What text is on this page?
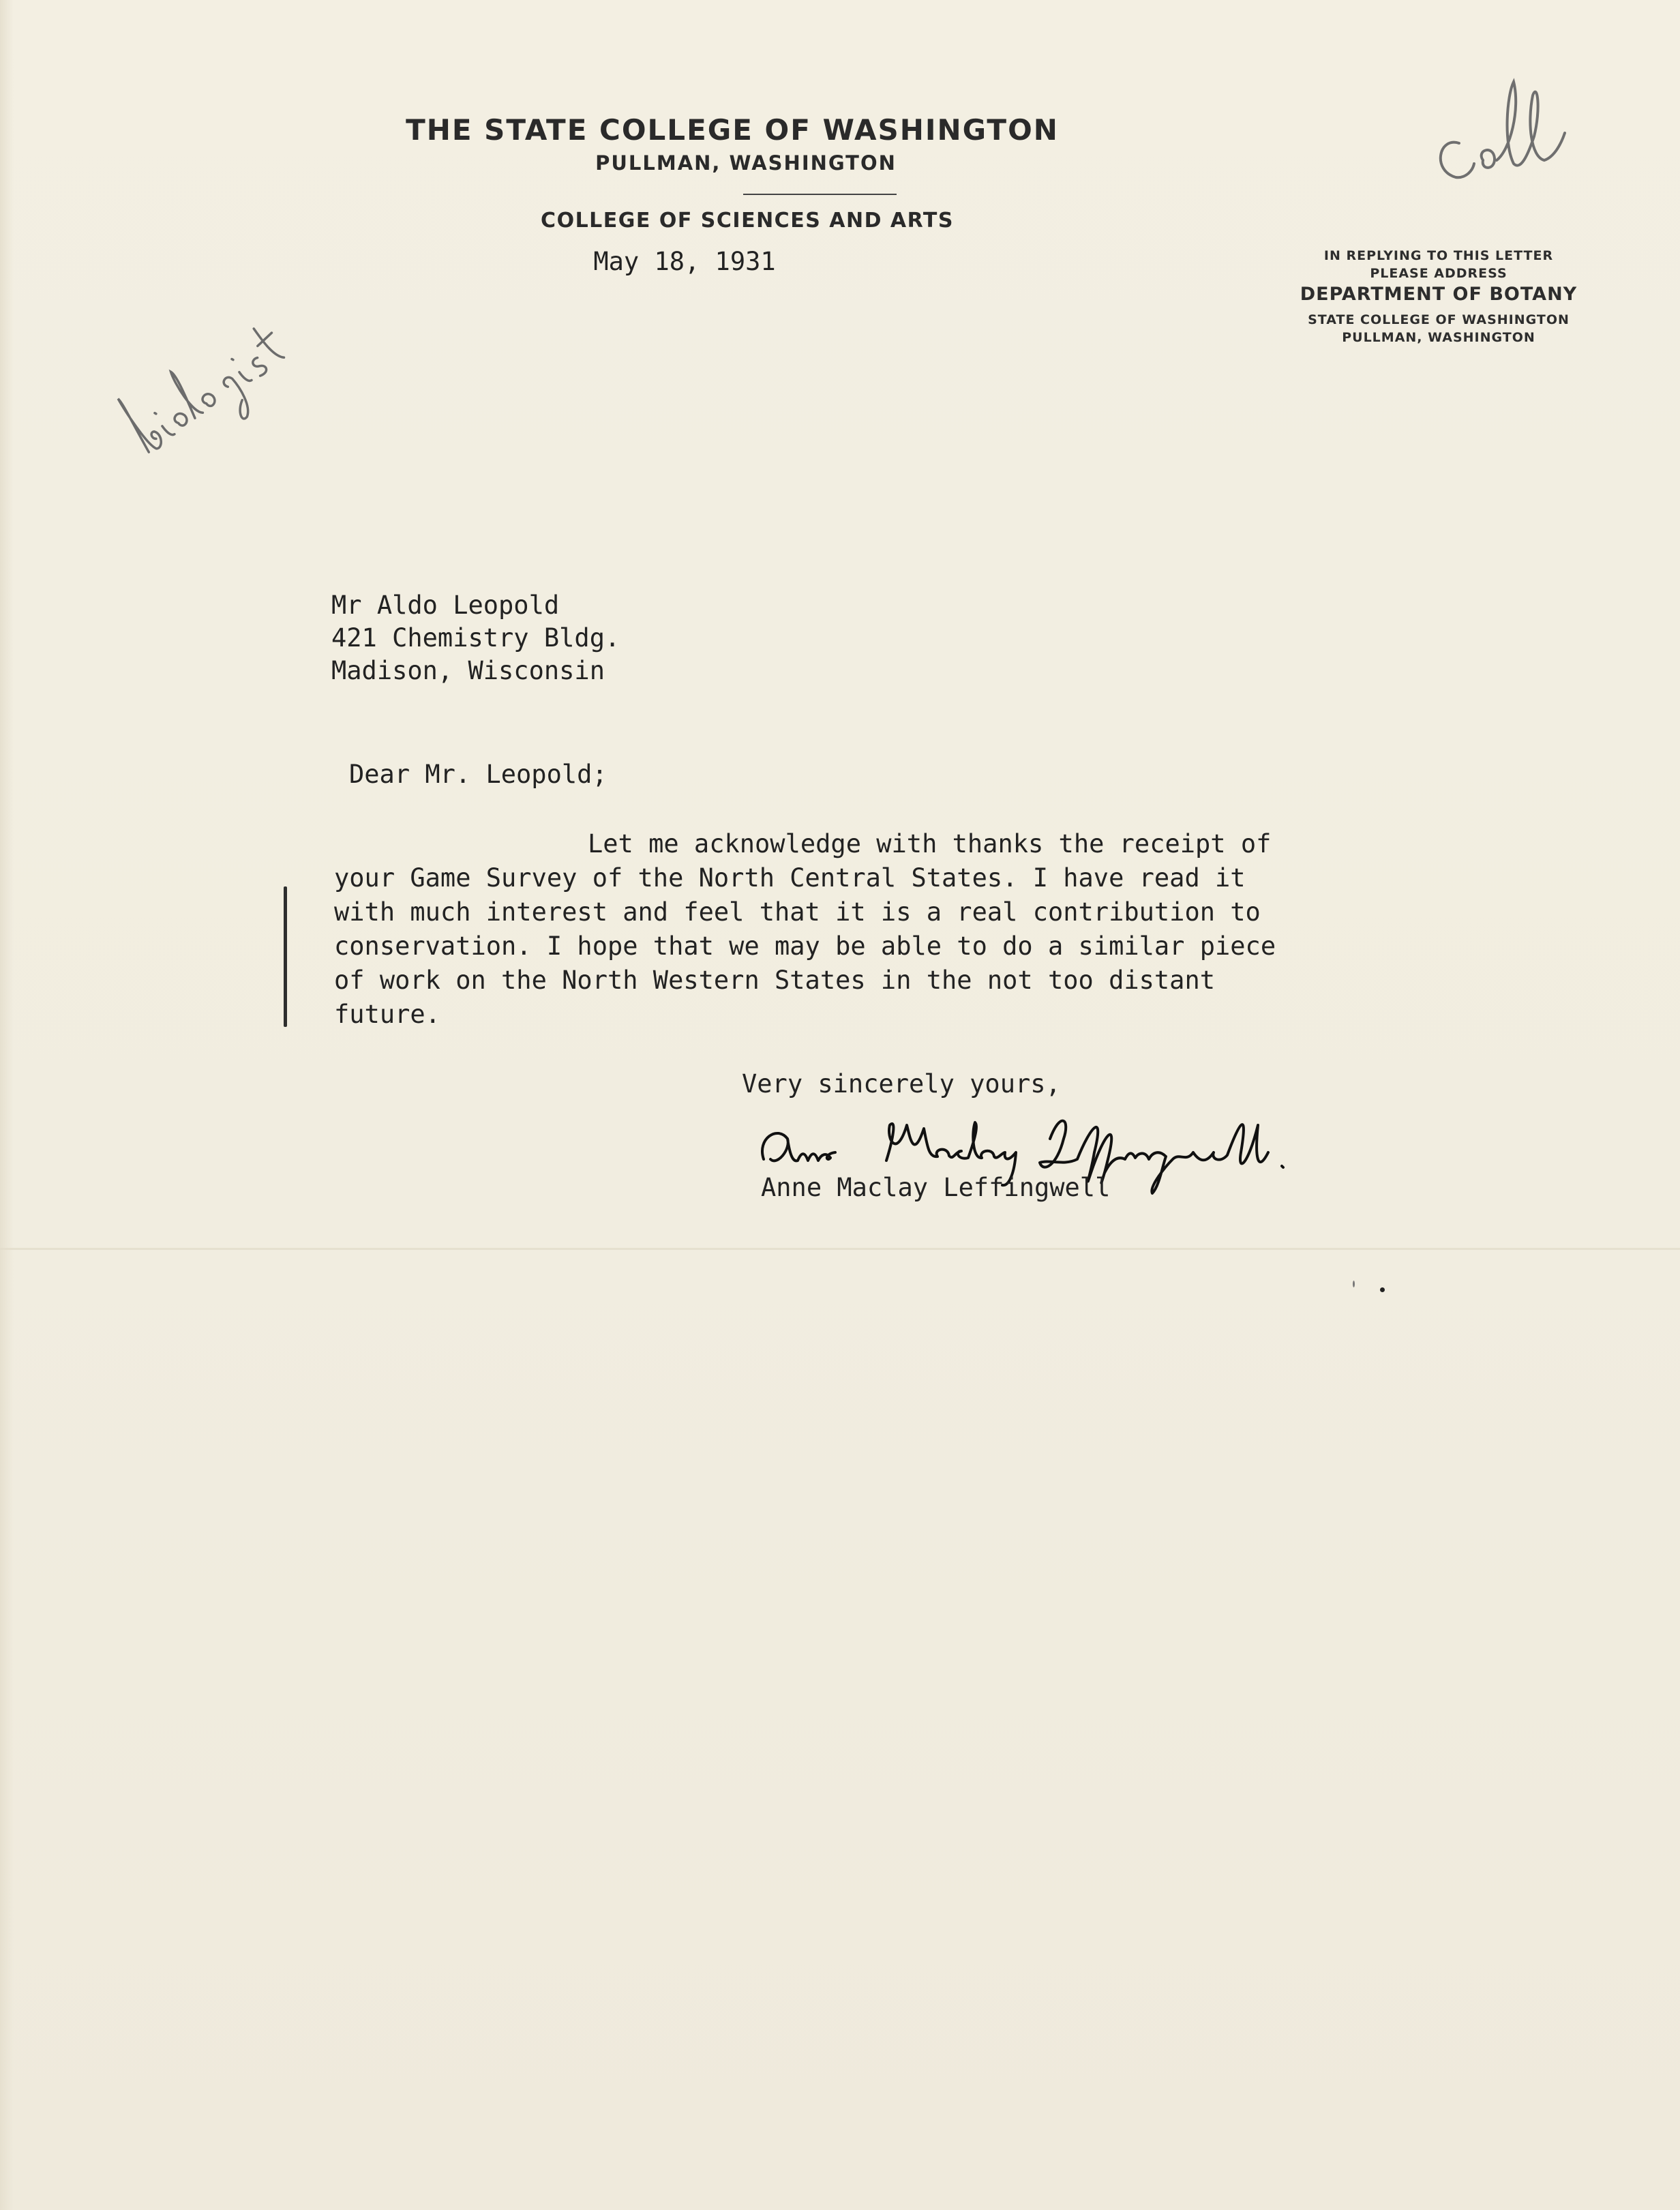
THE STATE COLLEGE OF WASHINGTON
PULLMAN, WASHINGTON
COLLEGE OF SCIENCES AND ARTS
May 18, 1931	IN REPLYING TO THIS LETTER
PLEASE ADDRESS
DEPARTMENT OF BOTANY
STATE COLLEGE OF WASHINGTON
PULLMAN, WASHINGTON
Mr Aldo Leopold
421 Chemistry Bldg.
Madison, Wisconsin
Dear Mr. Leopold;
Let me acknowledge with thanks the receipt of
your Game Survey of the North Central States. I have read it
with much interest and feel that it is a real contribution to
conservation. I hope that we may be able to do a similar piece
of work on the North Western States in the not too distant
future.
Very sincerely yours,
Anne Maclay Leffingwell
